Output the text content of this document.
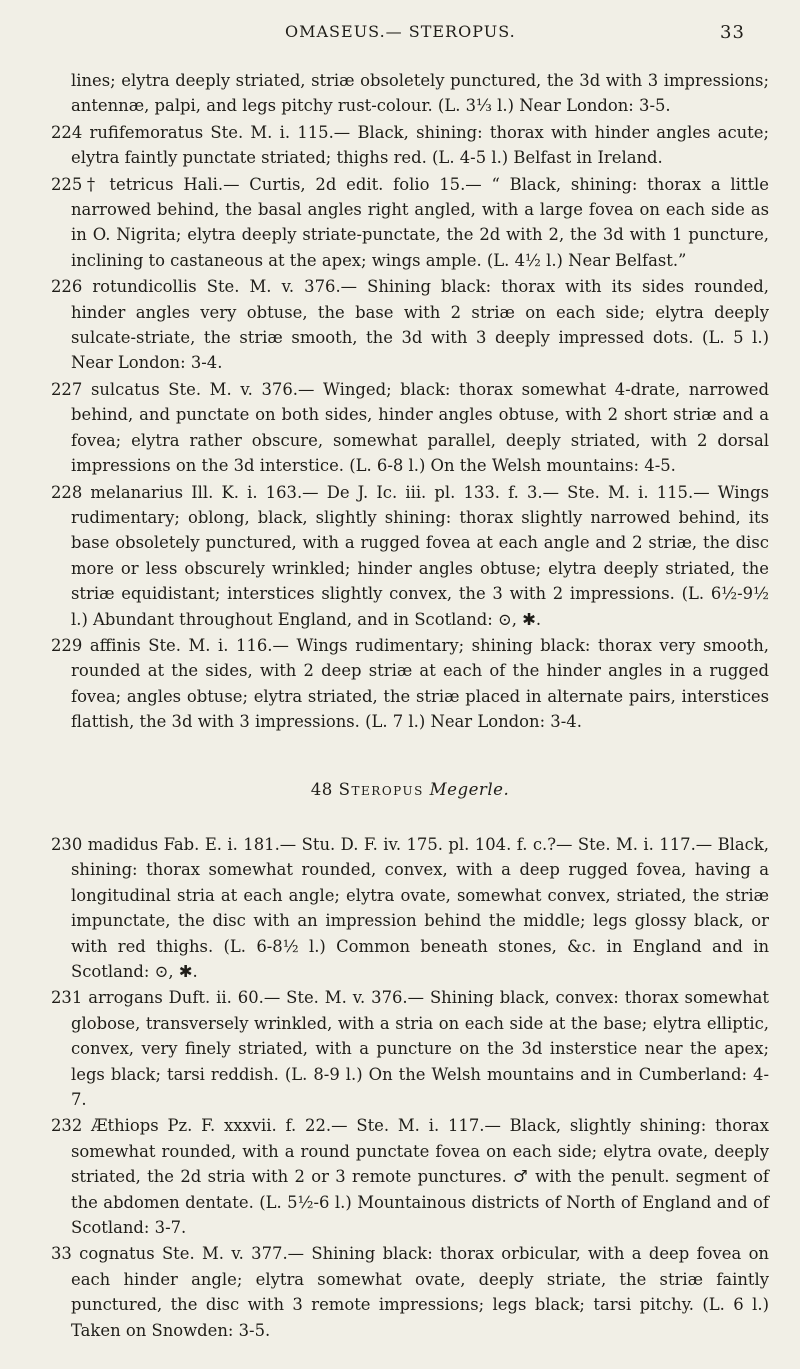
OMASEUS.— STEROPUS.	33

lines; elytra deeply striated, striæ obsoletely punctured, the 3d with 3 impressions; antennæ, palpi, and legs pitchy rust-colour. (L. 3⅓ l.) Near London: 3-5.

224 rufifemoratus Ste. M. i. 115.— Black, shining: thorax with hinder angles acute; elytra faintly punctate striated; thighs red. (L. 4-5 l.) Belfast in Ireland.

225† tetricus Hali.— Curtis, 2d edit. folio 15.— “ Black, shining: thorax a little narrowed behind, the basal angles right angled, with a large fovea on each side as in O. Nigrita; elytra deeply striate-punctate, the 2d with 2, the 3d with 1 puncture, inclining to castaneous at the apex; wings ample. (L. 4½ l.) Near Belfast.”

226 rotundicollis Ste. M. v. 376.— Shining black: thorax with its sides rounded, hinder angles very obtuse, the base with 2 striæ on each side; elytra deeply sulcate-striate, the striæ smooth, the 3d with 3 deeply impressed dots. (L. 5 l.) Near London: 3-4.

227 sulcatus Ste. M. v. 376.— Winged; black: thorax somewhat 4-drate, narrowed behind, and punctate on both sides, hinder angles obtuse, with 2 short striæ and a fovea; elytra rather obscure, somewhat parallel, deeply striated, with 2 dorsal impressions on the 3d interstice. (L. 6-8 l.) On the Welsh mountains: 4-5.

228 melanarius Ill. K. i. 163.— De J. Ic. iii. pl. 133. f. 3.— Ste. M. i. 115.— Wings rudimentary; oblong, black, slightly shining: thorax slightly narrowed behind, its base obsoletely punctured, with a rugged fovea at each angle and 2 striæ, the disc more or less obscurely wrinkled; hinder angles obtuse; elytra deeply striated, the striæ equidistant; interstices slightly convex, the 3 with 2 impressions. (L. 6½-9½ l.) Abundant throughout England, and in Scotland: ⊙, ✱.

229 affinis Ste. M. i. 116.— Wings rudimentary; shining black: thorax very smooth, rounded at the sides, with 2 deep striæ at each of the hinder angles in a rugged fovea; angles obtuse; elytra striated, the striæ placed in alternate pairs, interstices flattish, the 3d with 3 impressions. (L. 7 l.) Near London: 3-4.

48 Steropus Megerle.

230 madidus Fab. E. i. 181.— Stu. D. F. iv. 175. pl. 104. f. c.?— Ste. M. i. 117.— Black, shining: thorax somewhat rounded, convex, with a deep rugged fovea, having a longitudinal stria at each angle; elytra ovate, somewhat convex, striated, the striæ impunctate, the disc with an impression behind the middle; legs glossy black, or with red thighs. (L. 6-8½ l.) Common beneath stones, &c. in England and in Scotland: ⊙, ✱.

231 arrogans Duft. ii. 60.— Ste. M. v. 376.— Shining black, convex: thorax somewhat globose, transversely wrinkled, with a stria on each side at the base; elytra elliptic, convex, very finely striated, with a puncture on the 3d insterstice near the apex; legs black; tarsi reddish. (L. 8-9 l.) On the Welsh mountains and in Cumberland: 4-7.

232 Æthiops Pz. F. xxxvii. f. 22.— Ste. M. i. 117.— Black, slightly shining: thorax somewhat rounded, with a round punctate fovea on each side; elytra ovate, deeply striated, the 2d stria with 2 or 3 remote punctures. ♂ with the penult. segment of the abdomen dentate. (L. 5½-6 l.) Mountainous districts of North of England and of Scotland: 3-7.

33 cognatus Ste. M. v. 377.— Shining black: thorax orbicular, with a deep fovea on each hinder angle; elytra somewhat ovate, deeply striate, the striæ faintly punctured, the disc with 3 remote impressions; legs black; tarsi pitchy. (L. 6 l.) Taken on Snowden: 3-5.
